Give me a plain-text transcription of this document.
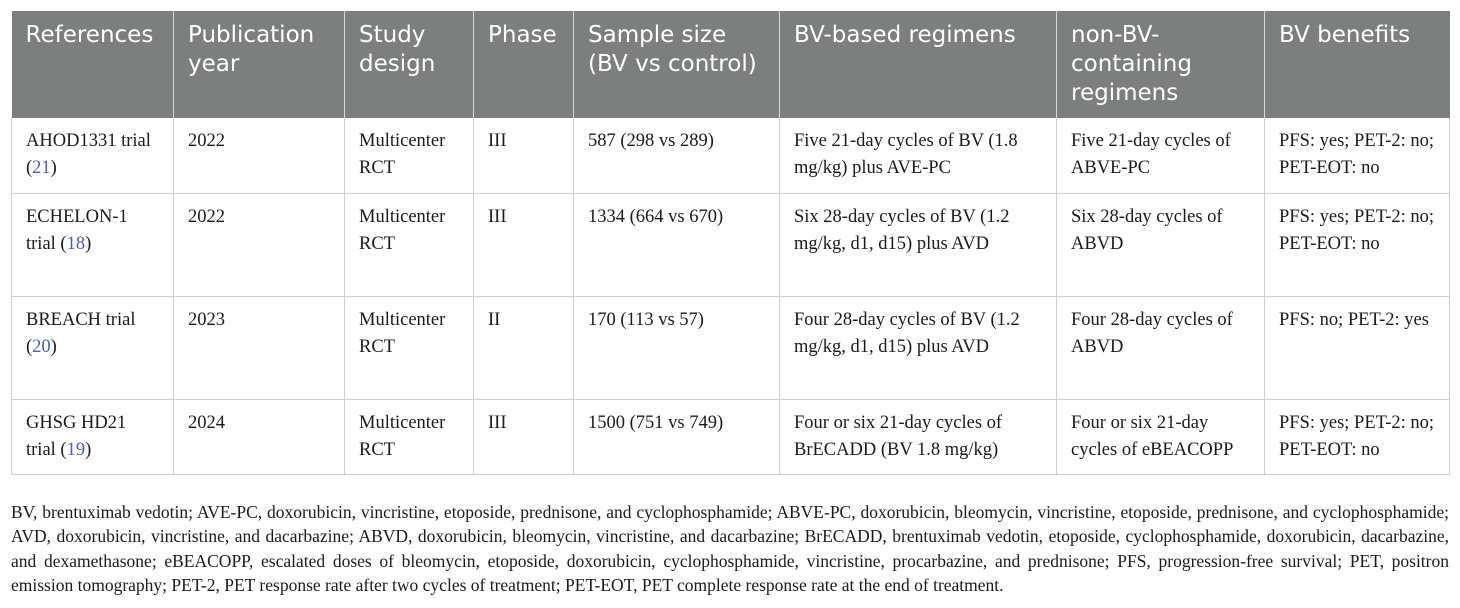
References	Publication year	Study design	Phase	Sample size (BV vs control)	BV-based regimens	non-BV-containing regimens	BV benefits
AHOD1331 trial (21)	2022	Multicenter RCT	III	587 (298 vs 289)	Five 21-day cycles of BV (1.8 mg/kg) plus AVE-PC	Five 21-day cycles of ABVE-PC	PFS: yes; PET-2: no; PET-EOT: no
ECHELON-1 trial (18)	2022	Multicenter RCT	III	1334 (664 vs 670)	Six 28-day cycles of BV (1.2 mg/kg, d1, d15) plus AVD	Six 28-day cycles of ABVD	PFS: yes; PET-2: no; PET-EOT: no
BREACH trial (20)	2023	Multicenter RCT	II	170 (113 vs 57)	Four 28-day cycles of BV (1.2 mg/kg, d1, d15) plus AVD	Four 28-day cycles of ABVD	PFS: no; PET-2: yes
GHSG HD21 trial (19)	2024	Multicenter RCT	III	1500 (751 vs 749)	Four or six 21-day cycles of BrECADD (BV 1.8 mg/kg)	Four or six 21-day cycles of eBEACOPP	PFS: yes; PET-2: no; PET-EOT: no

BV, brentuximab vedotin; AVE-PC, doxorubicin, vincristine, etoposide, prednisone, and cyclophosphamide; ABVE-PC, doxorubicin, bleomycin, vincristine, etoposide, prednisone, and cyclophosphamide; AVD, doxorubicin, vincristine, and dacarbazine; ABVD, doxorubicin, bleomycin, vincristine, and dacarbazine; BrECADD, brentuximab vedotin, etoposide, cyclophosphamide, doxorubicin, dacarbazine, and dexamethasone; eBEACOPP, escalated doses of bleomycin, etoposide, doxorubicin, cyclophosphamide, vincristine, procarbazine, and prednisone; PFS, progression-free survival; PET, positron emission tomography; PET-2, PET response rate after two cycles of treatment; PET-EOT, PET complete response rate at the end of treatment.
